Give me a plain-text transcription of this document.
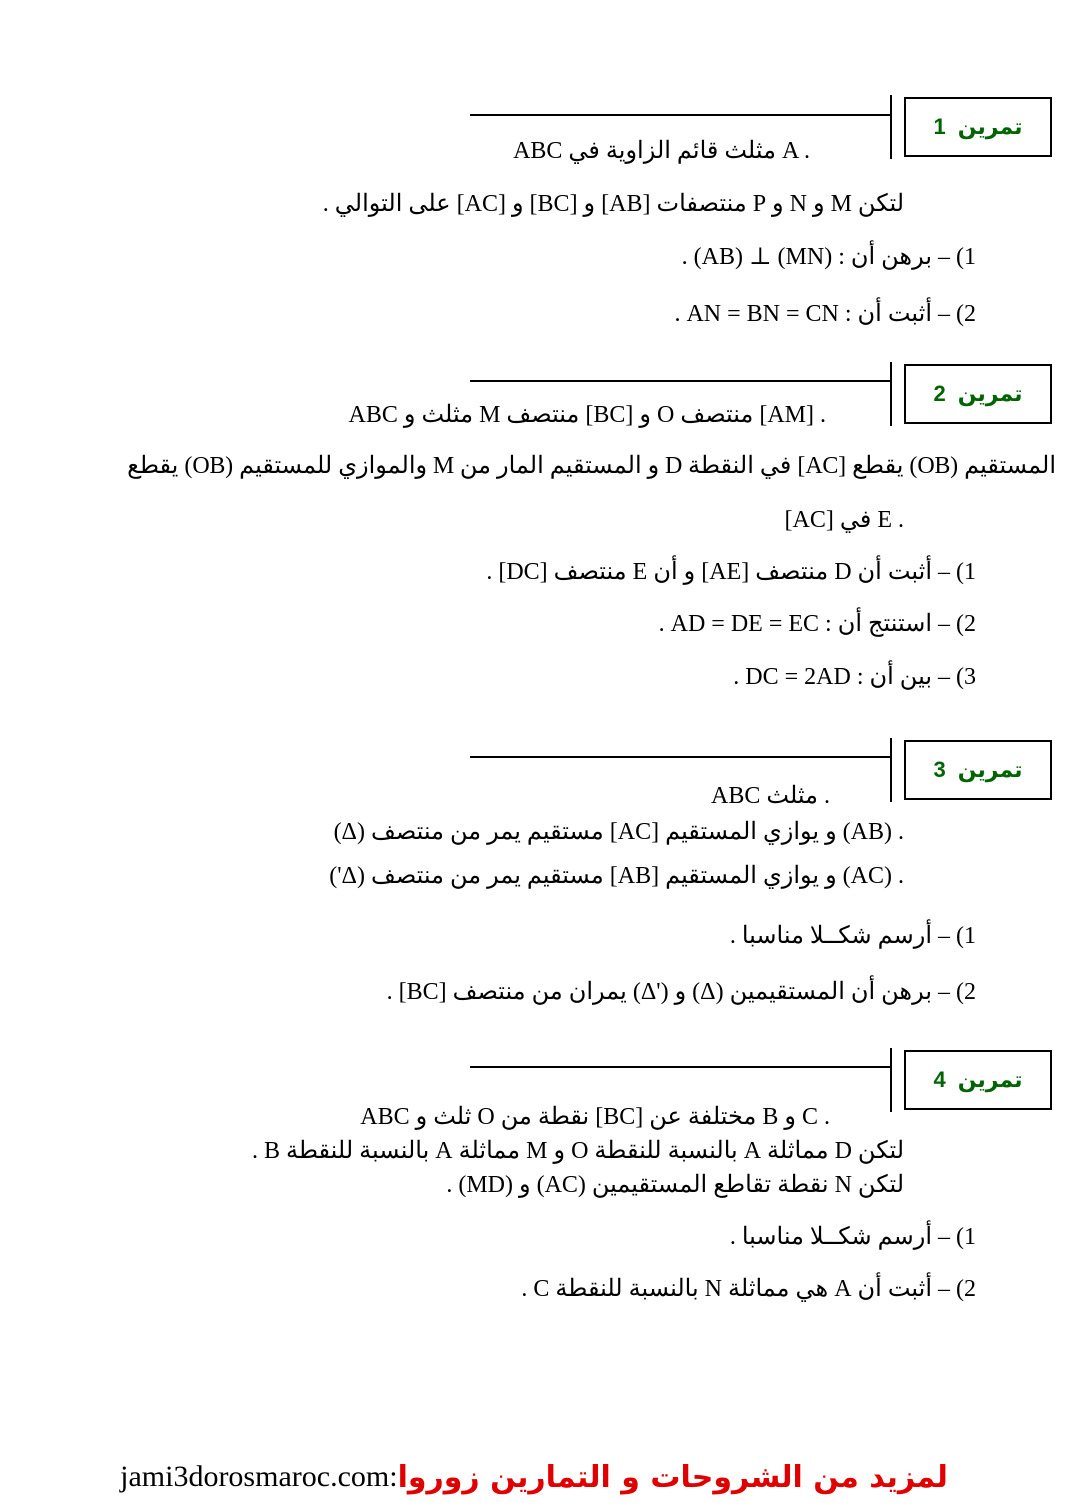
تمرين
1
ABC مثلث قائم الزاوية في A .
لتكن M و N و P منتصفات [AB] و [BC] و [AC] على التوالي .
1) – برهن أن : (MN) ⊥ (AB) .
2) – أثبت أن : AN = BN = CN .
تمرين
2
ABC مثلث و M منتصف [BC] و O منتصف [AM] .
المستقيم (OB) يقطع [AC] في النقطة D و المستقيم المار من M والموازي للمستقيم (OB) يقطع
[AC] في E .
1) – أثبت أن D منتصف [AE] و أن E منتصف [DC] .
2) – استنتج أن : AD = DE = EC .
3) – بين أن : DC = 2AD .
تمرين
3
ABC مثلث .
(Δ) مستقيم يمر من منتصف [AC] و يوازي المستقيم (AB) .
('Δ) مستقيم يمر من منتصف [AB] و يوازي المستقيم (AC) .
1) – أرسم شكــلا مناسبا .
2) – برهن أن المستقيمين (Δ) و ('Δ) يمران من منتصف [BC] .
تمرين
4
ABC ثلث و O نقطة من [BC] مختلفة عن B و C .
لتكن D مماثلة A بالنسبة للنقطة O و M مماثلة A بالنسبة للنقطة B .
لتكن N نقطة تقاطع المستقيمين (AC) و (MD) .
1) – أرسم شكــلا مناسبا .
2) – أثبت أن A هي مماثلة N بالنسبة للنقطة C .
jami3dorosmaroc.com: لمزيد من الشروحات و التمارين زوروا
